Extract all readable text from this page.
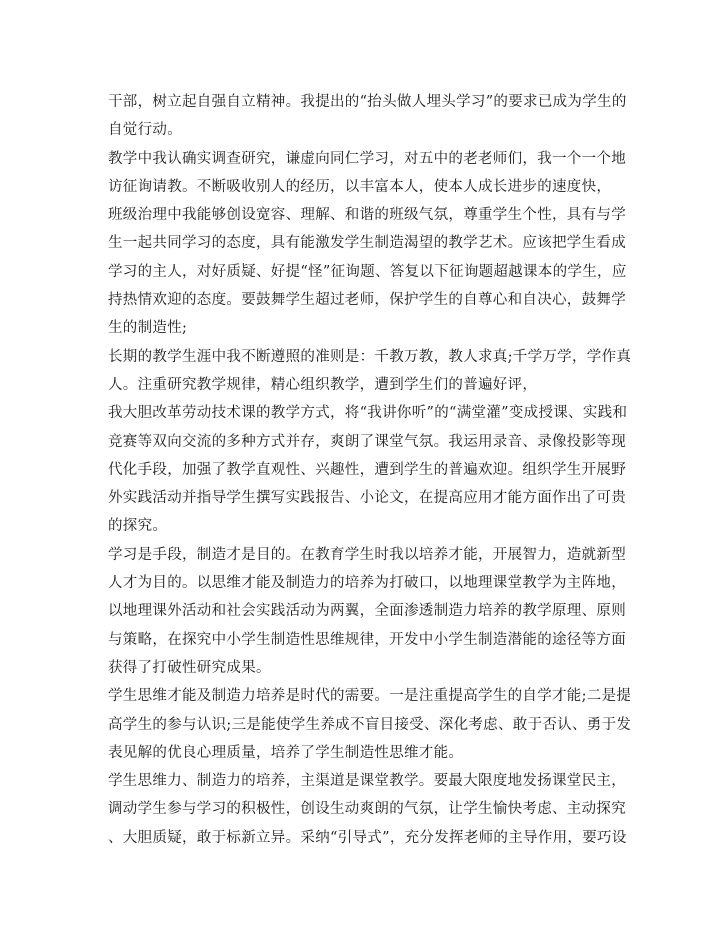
干部，树立起自强自立精神。我提出的“抬头做人埋头学习”的要求已成为学生的
自觉行动。
教学中我认确实调查研究，谦虚向同仁学习，对五中的老老师们，我一个一个地
访征询请教。不断吸收别人的经历，以丰富本人，使本人成长进步的速度快，
班级治理中我能够创设宽容、理解、和谐的班级气氛，尊重学生个性，具有与学
生一起共同学习的态度，具有能激发学生制造渴望的教学艺术。应该把学生看成
学习的主人，对好质疑、好提“怪”征询题、答复以下征询题超越课本的学生，应
持热情欢迎的态度。要鼓舞学生超过老师，保护学生的自尊心和自决心，鼓舞学
生的制造性;
长期的教学生涯中我不断遵照的准则是：千教万教，教人求真;千学万学，学作真
人。注重研究教学规律，精心组织教学，遭到学生们的普遍好评，
我大胆改革劳动技术课的教学方式，将“我讲你听”的“满堂灌”变成授课、实践和
竞赛等双向交流的多种方式并存，爽朗了课堂气氛。我运用录音、录像投影等现
代化手段，加强了教学直观性、兴趣性，遭到学生的普遍欢迎。组织学生开展野
外实践活动并指导学生撰写实践报告、小论文，在提高应用才能方面作出了可贵
的探究。
学习是手段，制造才是目的。在教育学生时我以培养才能，开展智力，造就新型
人才为目的。以思维才能及制造力的培养为打破口，以地理课堂教学为主阵地，
以地理课外活动和社会实践活动为两翼，全面渗透制造力培养的教学原理、原则
与策略，在探究中小学生制造性思维规律，开发中小学生制造潜能的途径等方面
获得了打破性研究成果。
学生思维才能及制造力培养是时代的需要。一是注重提高学生的自学才能;二是提
高学生的参与认识;三是能使学生养成不盲目接受、深化考虑、敢于否认、勇于发
表见解的优良心理质量，培养了学生制造性思维才能。
学生思维力、制造力的培养，主渠道是课堂教学。要最大限度地发扬课堂民主，
调动学生参与学习的积极性，创设生动爽朗的气氛，让学生愉快考虑、主动探究
、大胆质疑，敢于标新立异。采纳“引导式”，充分发挥老师的主导作用，要巧设
